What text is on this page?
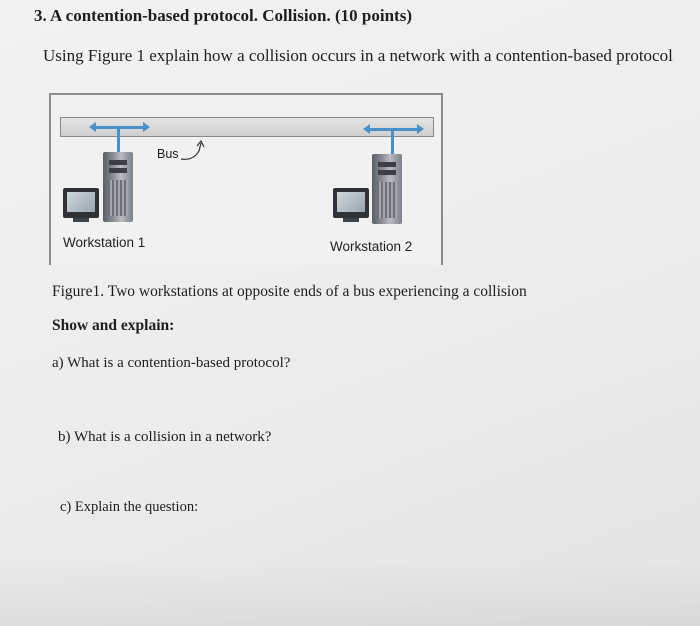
3. A contention-based protocol. Collision. (10 points)
Using Figure 1 explain how a collision occurs in a network with a contention-based protocol
Bus
Workstation 1	Workstation 2
Figure1. Two workstations at opposite ends of a bus experiencing a collision
Show and explain:
a) What is a contention-based protocol?
b) What is a collision in a network?
c) Explain the question:
